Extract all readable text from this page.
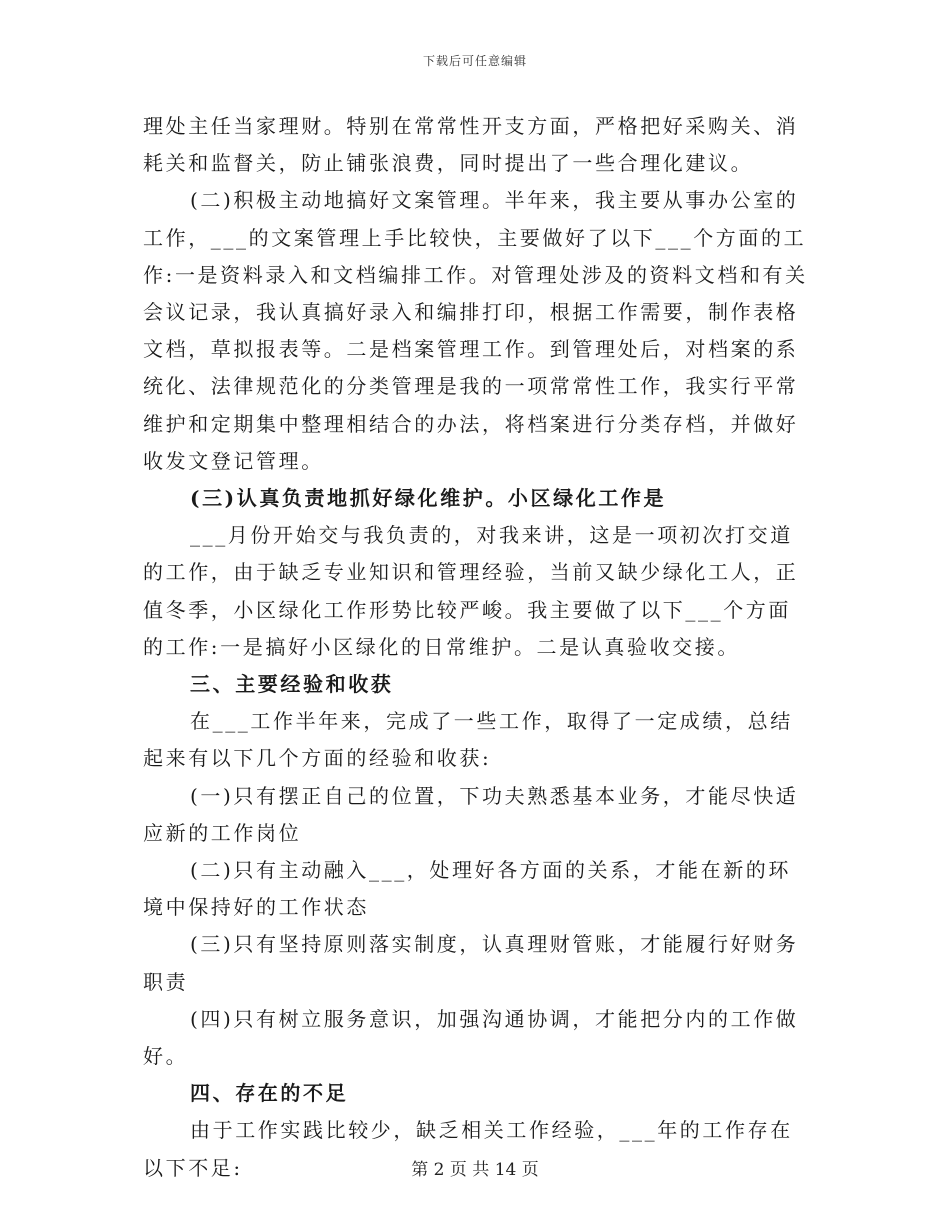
下载后可任意编辑

理处主任当家理财。特别在常常性开支方面，严格把好采购关、消耗关和监督关，防止铺张浪费，同时提出了一些合理化建议。

(二)积极主动地搞好文案管理。半年来，我主要从事办公室的工作，___的文案管理上手比较快，主要做好了以下___个方面的工作:一是资料录入和文档编排工作。对管理处涉及的资料文档和有关会议记录，我认真搞好录入和编排打印，根据工作需要，制作表格文档，草拟报表等。二是档案管理工作。到管理处后，对档案的系统化、法律规范化的分类管理是我的一项常常性工作，我实行平常维护和定期集中整理相结合的办法，将档案进行分类存档，并做好收发文登记管理。

(三)认真负责地抓好绿化维护。小区绿化工作是

___月份开始交与我负责的，对我来讲，这是一项初次打交道的工作，由于缺乏专业知识和管理经验，当前又缺少绿化工人，正值冬季，小区绿化工作形势比较严峻。我主要做了以下___个方面的工作:一是搞好小区绿化的日常维护。二是认真验收交接。

三、主要经验和收获

在___工作半年来，完成了一些工作，取得了一定成绩，总结起来有以下几个方面的经验和收获:

(一)只有摆正自己的位置，下功夫熟悉基本业务，才能尽快适应新的工作岗位

(二)只有主动融入___，处理好各方面的关系，才能在新的环境中保持好的工作状态

(三)只有坚持原则落实制度，认真理财管账，才能履行好财务职责

(四)只有树立服务意识，加强沟通协调，才能把分内的工作做好。

四、存在的不足

由于工作实践比较少，缺乏相关工作经验，___年的工作存在以下不足:	第 2 页 共 14 页
